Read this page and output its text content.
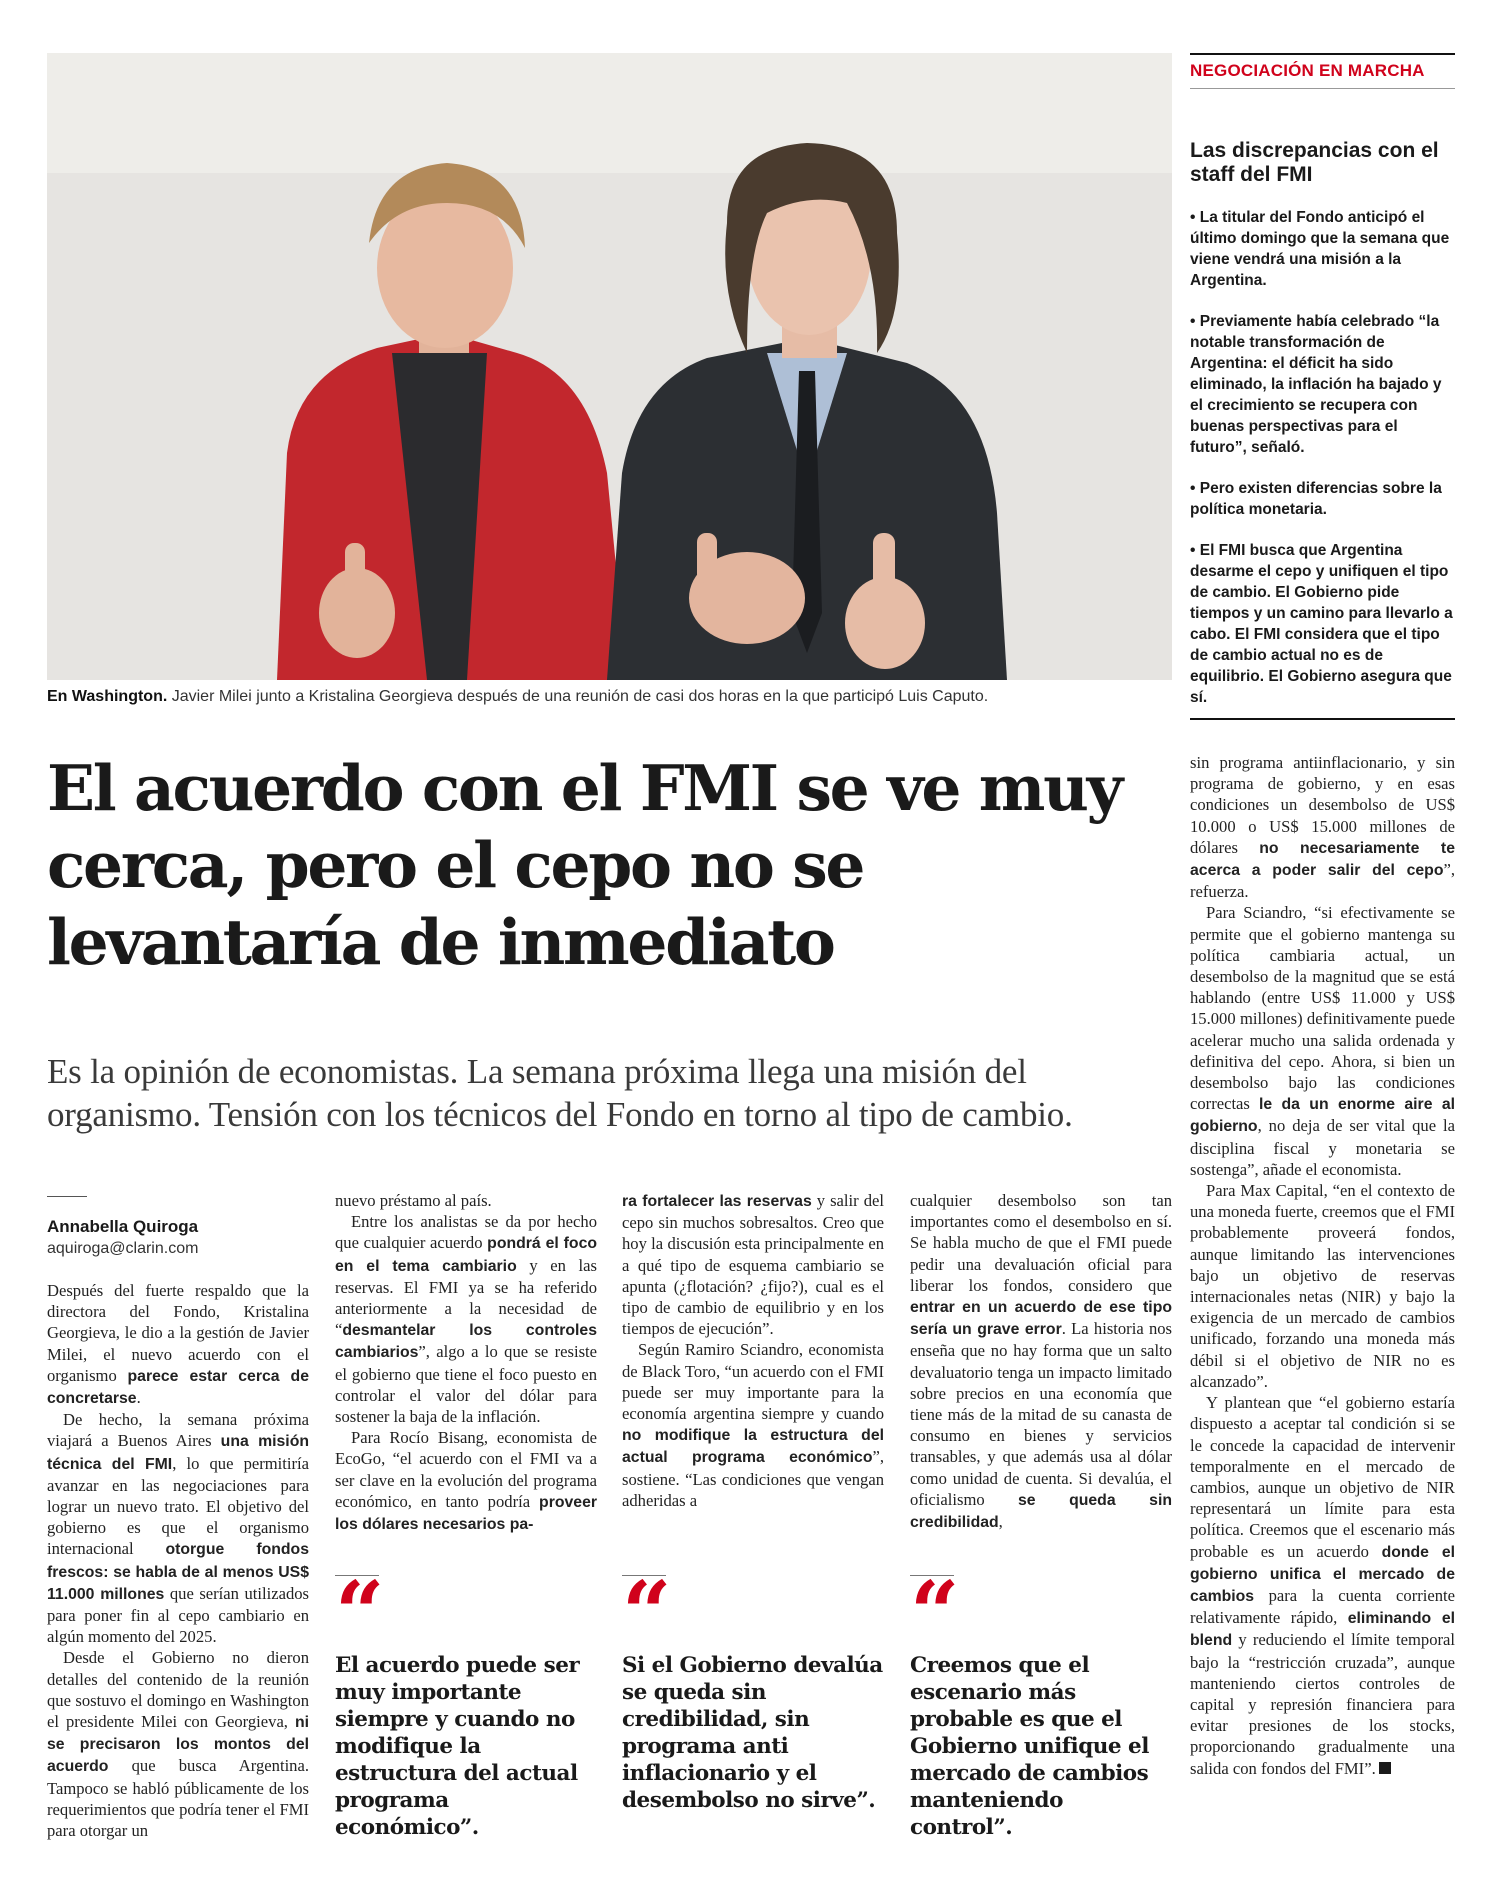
En Washington. Javier Milei junto a Kristalina Georgieva después de una reunión de casi dos horas en la que participó Luis Caputo.
NEGOCIACIÓN EN MARCHA
Las discrepancias con el staff del FMI
• La titular del Fondo anticipó el último domingo que la semana que viene vendrá una misión a la Argentina.
• Previamente había celebrado “la notable transformación de Argentina: el déficit ha sido eliminado, la inflación ha bajado y el crecimiento se recupera con buenas perspectivas para el futuro”, señaló.
• Pero existen diferencias sobre la política monetaria.
• El FMI busca que Argentina desarme el cepo y unifiquen el tipo de cambio. El Gobierno pide tiempos y un camino para llevarlo a cabo. El FMI considera que el tipo de cambio actual no es de equilibrio. El Gobierno asegura que sí.
El acuerdo con el FMI se ve muy cerca, pero el cepo no se levantaría de inmediato
Es la opinión de economistas. La semana próxima llega una misión del organismo. Tensión con los técnicos del Fondo en torno al tipo de cambio.
Annabella Quiroga
aquiroga@clarin.com

Después del fuerte respaldo que la directora del Fondo, Kristalina Georgieva, le dio a la gestión de Javier Milei, el nuevo acuerdo con el organismo parece estar cerca de concretarse.

De hecho, la semana próxima viajará a Buenos Aires una misión técnica del FMI, lo que permitiría avanzar en las negociaciones para lograr un nuevo trato. El objetivo del gobierno es que el organismo internacional otorgue fondos frescos: se habla de al menos US$ 11.000 millones que serían utilizados para poner fin al cepo cambiario en algún momento del 2025.

Desde el Gobierno no dieron detalles del contenido de la reunión que sostuvo el domingo en Washington el presidente Milei con Georgieva, ni se precisaron los montos del acuerdo que busca Argentina. Tampoco se habló públicamente de los requerimientos que podría tener el FMI para otorgar un

nuevo préstamo al país.

Entre los analistas se da por hecho que cualquier acuerdo pondrá el foco en el tema cambiario y en las reservas. El FMI ya se ha referido anteriormente a la necesidad de “desmantelar los controles cambiarios”, algo a lo que se resiste el gobierno que tiene el foco puesto en controlar el valor del dólar para sostener la baja de la inflación.

Para Rocío Bisang, economista de EcoGo, “el acuerdo con el FMI va a ser clave en la evolución del programa económico, en tanto podría proveer los dólares necesarios pa-

ra fortalecer las reservas y salir del cepo sin muchos sobresaltos. Creo que hoy la discusión esta principalmente en a qué tipo de esquema cambiario se apunta (¿flotación? ¿fijo?), cual es el tipo de cambio de equilibrio y en los tiempos de ejecución”.

Según Ramiro Sciandro, economista de Black Toro, “un acuerdo con el FMI puede ser muy importante para la economía argentina siempre y cuando no modifique la estructura del actual programa económico”, sostiene. “Las condiciones que vengan adheridas a

cualquier desembolso son tan importantes como el desembolso en sí. Se habla mucho de que el FMI puede pedir una devaluación oficial para liberar los fondos, considero que entrar en un acuerdo de ese tipo sería un grave error. La historia nos enseña que no hay forma que un salto devaluatorio tenga un impacto limitado sobre precios en una economía que tiene más de la mitad de su canasta de consumo en bienes y servicios transables, y que además usa al dólar como unidad de cuenta. Si devalúa, el oficialismo se queda sin credibilidad,

sin programa antiinflacionario, y sin programa de gobierno, y en esas condiciones un desembolso de US$ 10.000 o US$ 15.000 millones de dólares no necesariamente te acerca a poder salir del cepo”, refuerza.

Para Sciandro, “si efectivamente se permite que el gobierno mantenga su política cambiaria actual, un desembolso de la magnitud que se está hablando (entre US$ 11.000 y US$ 15.000 millones) definitivamente puede acelerar mucho una salida ordenada y definitiva del cepo. Ahora, si bien un desembolso bajo las condiciones correctas le da un enorme aire al gobierno, no deja de ser vital que la disciplina fiscal y monetaria se sostenga”, añade el economista.

Para Max Capital, “en el contexto de una moneda fuerte, creemos que el FMI probablemente proveerá fondos, aunque limitando las intervenciones bajo un objetivo de reservas internacionales netas (NIR) y bajo la exigencia de un mercado de cambios unificado, forzando una moneda más débil si el objetivo de NIR no es alcanzado”.

Y plantean que “el gobierno estaría dispuesto a aceptar tal condición si se le concede la capacidad de intervenir temporalmente en el mercado de cambios, aunque un objetivo de NIR representará un límite para esta política. Creemos que el escenario más probable es un acuerdo donde el gobierno unifica el mercado de cambios para la cuenta corriente relativamente rápido, eliminando el blend y reduciendo el límite temporal bajo la “restricción cruzada”, aunque manteniendo ciertos controles de capital y represión financiera para evitar presiones de los stocks, proporcionando gradualmente una salida con fondos del FMI”.

“
El acuerdo puede ser muy importante siempre y cuando no modifique la estructura del actual programa económico”.
“
Si el Gobierno devalúa se queda sin credibilidad, sin programa anti inflacionario y el desembolso no sirve”.
“
Creemos que el escenario más probable es que el Gobierno unifique el mercado de cambios manteniendo control”.
